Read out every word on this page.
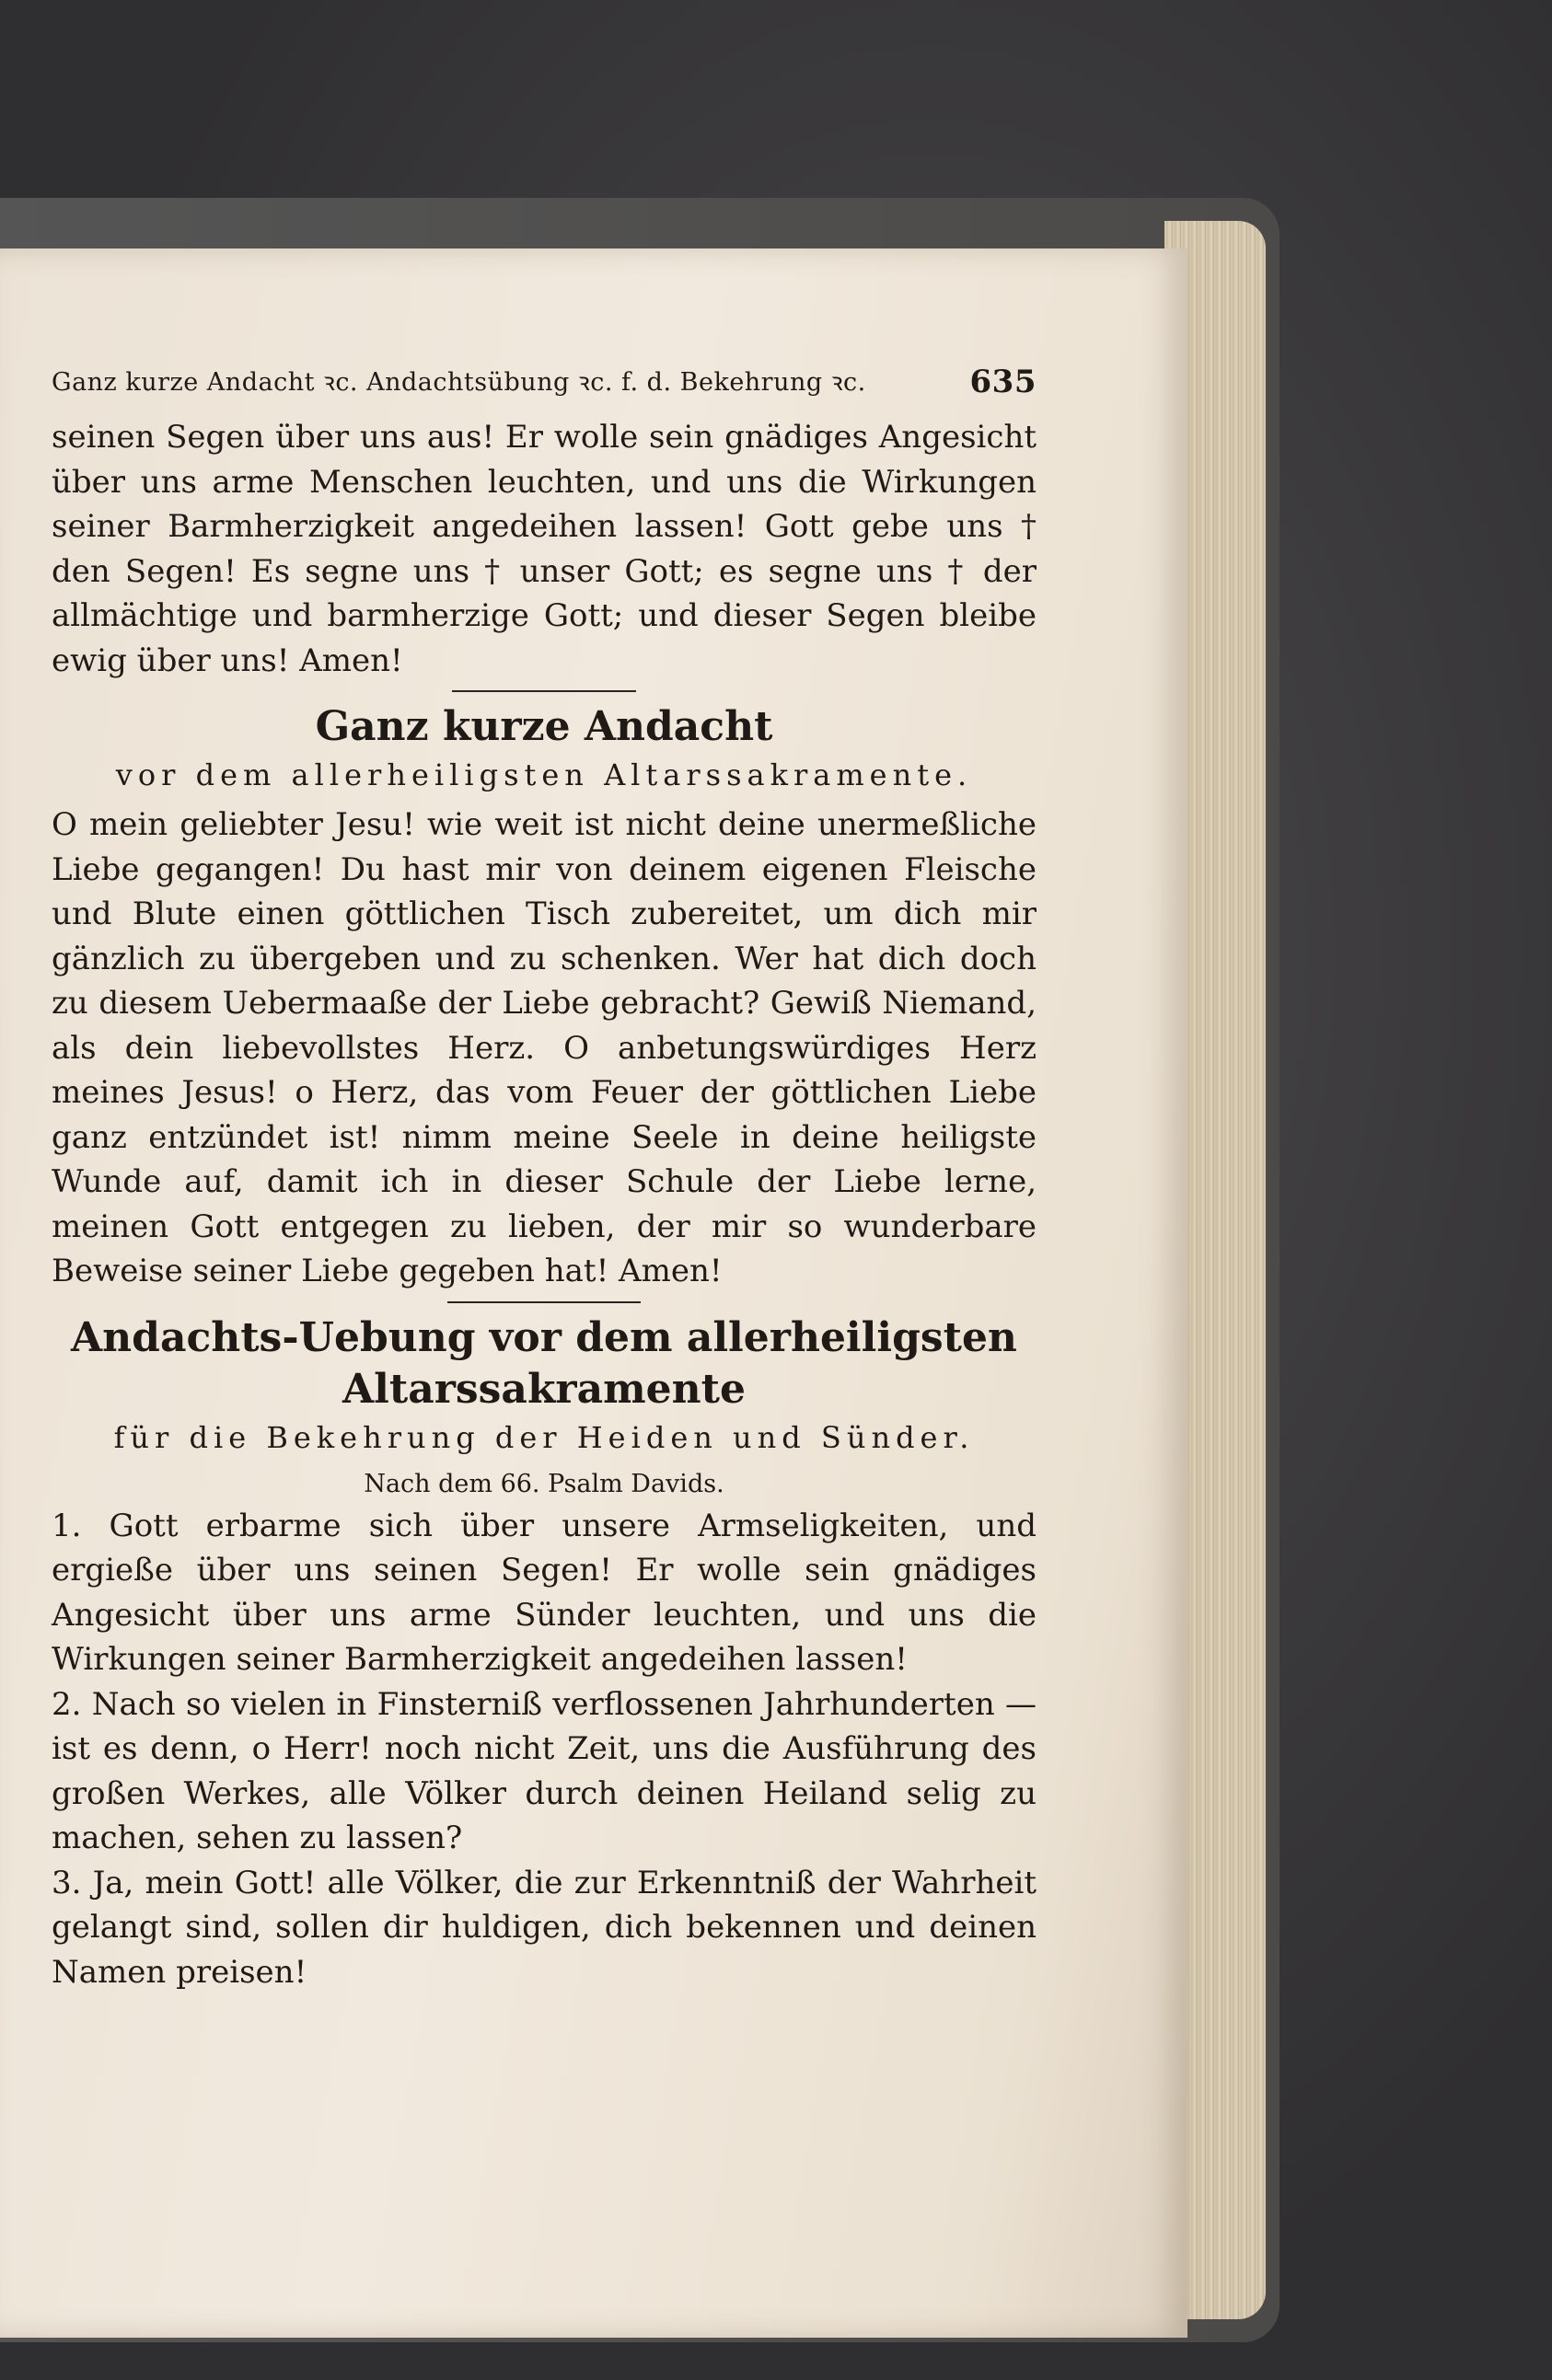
Ganz kurze Andacht ꝛc. Andachtsübung ꝛc. f. d. Bekehrung ꝛc.	635

seinen Segen über uns aus! Er wolle sein gnädiges Angesicht über uns arme Menschen leuchten, und uns die Wirkungen seiner Barmherzigkeit angedeihen lassen! Gott gebe uns † den Segen! Es segne uns † unser Gott; es segne uns † der allmächtige und barmherzige Gott; und dieser Segen bleibe ewig über uns! Amen!

Ganz kurze Andacht
vor dem allerheiligsten Altarssakramente.

O mein geliebter Jesu! wie weit ist nicht deine unermeßliche Liebe gegangen! Du hast mir von deinem eigenen Fleische und Blute einen göttlichen Tisch zubereitet, um dich mir gänzlich zu übergeben und zu schenken. Wer hat dich doch zu diesem Uebermaaße der Liebe gebracht? Gewiß Niemand, als dein liebevollstes Herz. O anbetungswürdiges Herz meines Jesus! o Herz, das vom Feuer der göttlichen Liebe ganz entzündet ist! nimm meine Seele in deine heiligste Wunde auf, damit ich in dieser Schule der Liebe lerne, meinen Gott entgegen zu lieben, der mir so wunderbare Beweise seiner Liebe gegeben hat! Amen!

Andachts-Uebung vor dem allerheiligsten
Altarssakramente
für die Bekehrung der Heiden und Sünder.

Nach dem 66. Psalm Davids.

1. Gott erbarme sich über unsere Armseligkeiten, und ergieße über uns seinen Segen! Er wolle sein gnädiges Angesicht über uns arme Sünder leuchten, und uns die Wirkungen seiner Barmherzigkeit angedeihen lassen!

2. Nach so vielen in Finsterniß verflossenen Jahrhunderten — ist es denn, o Herr! noch nicht Zeit, uns die Ausführung des großen Werkes, alle Völker durch deinen Heiland selig zu machen, sehen zu lassen?

3. Ja, mein Gott! alle Völker, die zur Erkenntniß der Wahrheit gelangt sind, sollen dir huldigen, dich bekennen und deinen Namen preisen!
